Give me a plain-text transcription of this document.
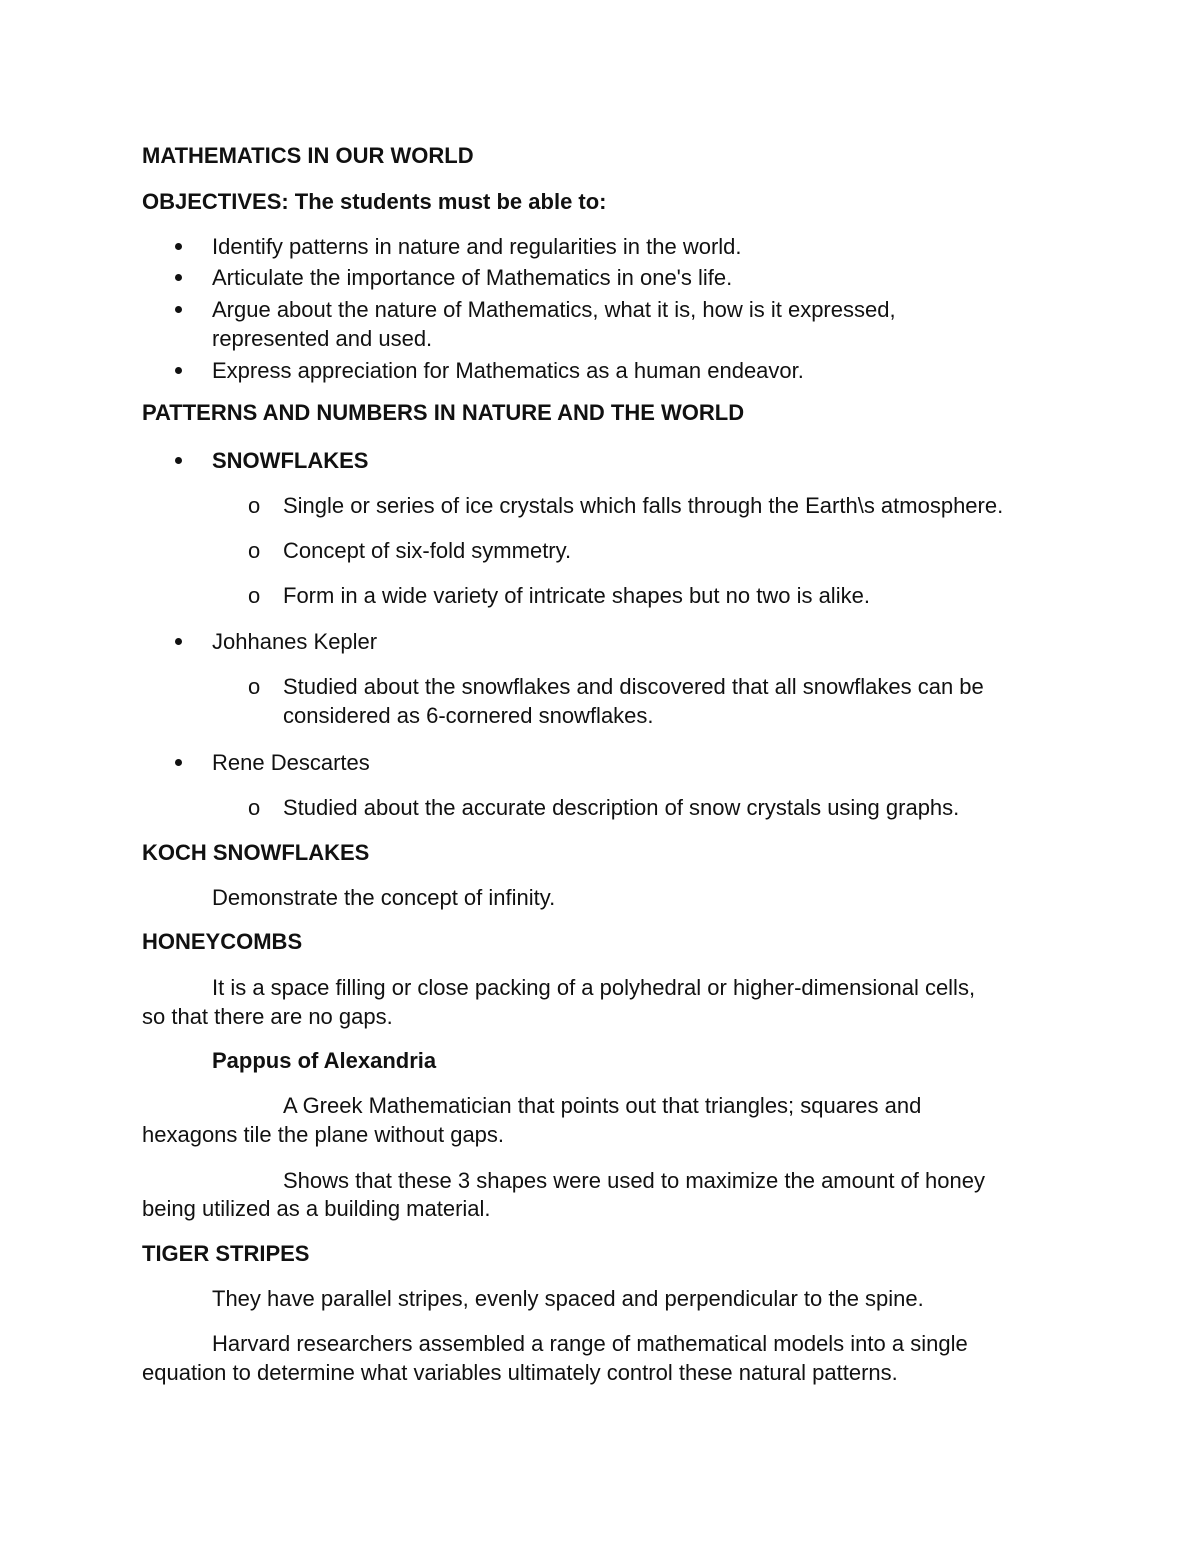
MATHEMATICS IN OUR WORLD

OBJECTIVES: The students must be able to:

Identify patterns in nature and regularities in the world.

Articulate the importance of Mathematics in one's life.

Argue about the nature of Mathematics, what it is, how is it expressed,

represented and used.

Express appreciation for Mathematics as a human endeavor.

PATTERNS AND NUMBERS IN NATURE AND THE WORLD

SNOWFLAKES

o Single or series of ice crystals which falls through the Earth\s atmosphere.

o Concept of six-fold symmetry.

o Form in a wide variety of intricate shapes but no two is alike.

Johhanes Kepler

o Studied about the snowflakes and discovered that all snowflakes can be

considered as 6-cornered snowflakes.

Rene Descartes

o Studied about the accurate description of snow crystals using graphs.

KOCH SNOWFLAKES

Demonstrate the concept of infinity.

HONEYCOMBS

It is a space filling or close packing of a polyhedral or higher-dimensional cells,

so that there are no gaps.

Pappus of Alexandria

A Greek Mathematician that points out that triangles; squares and

hexagons tile the plane without gaps.

Shows that these 3 shapes were used to maximize the amount of honey

being utilized as a building material.

TIGER STRIPES

They have parallel stripes, evenly spaced and perpendicular to the spine.

Harvard researchers assembled a range of mathematical models into a single

equation to determine what variables ultimately control these natural patterns.
